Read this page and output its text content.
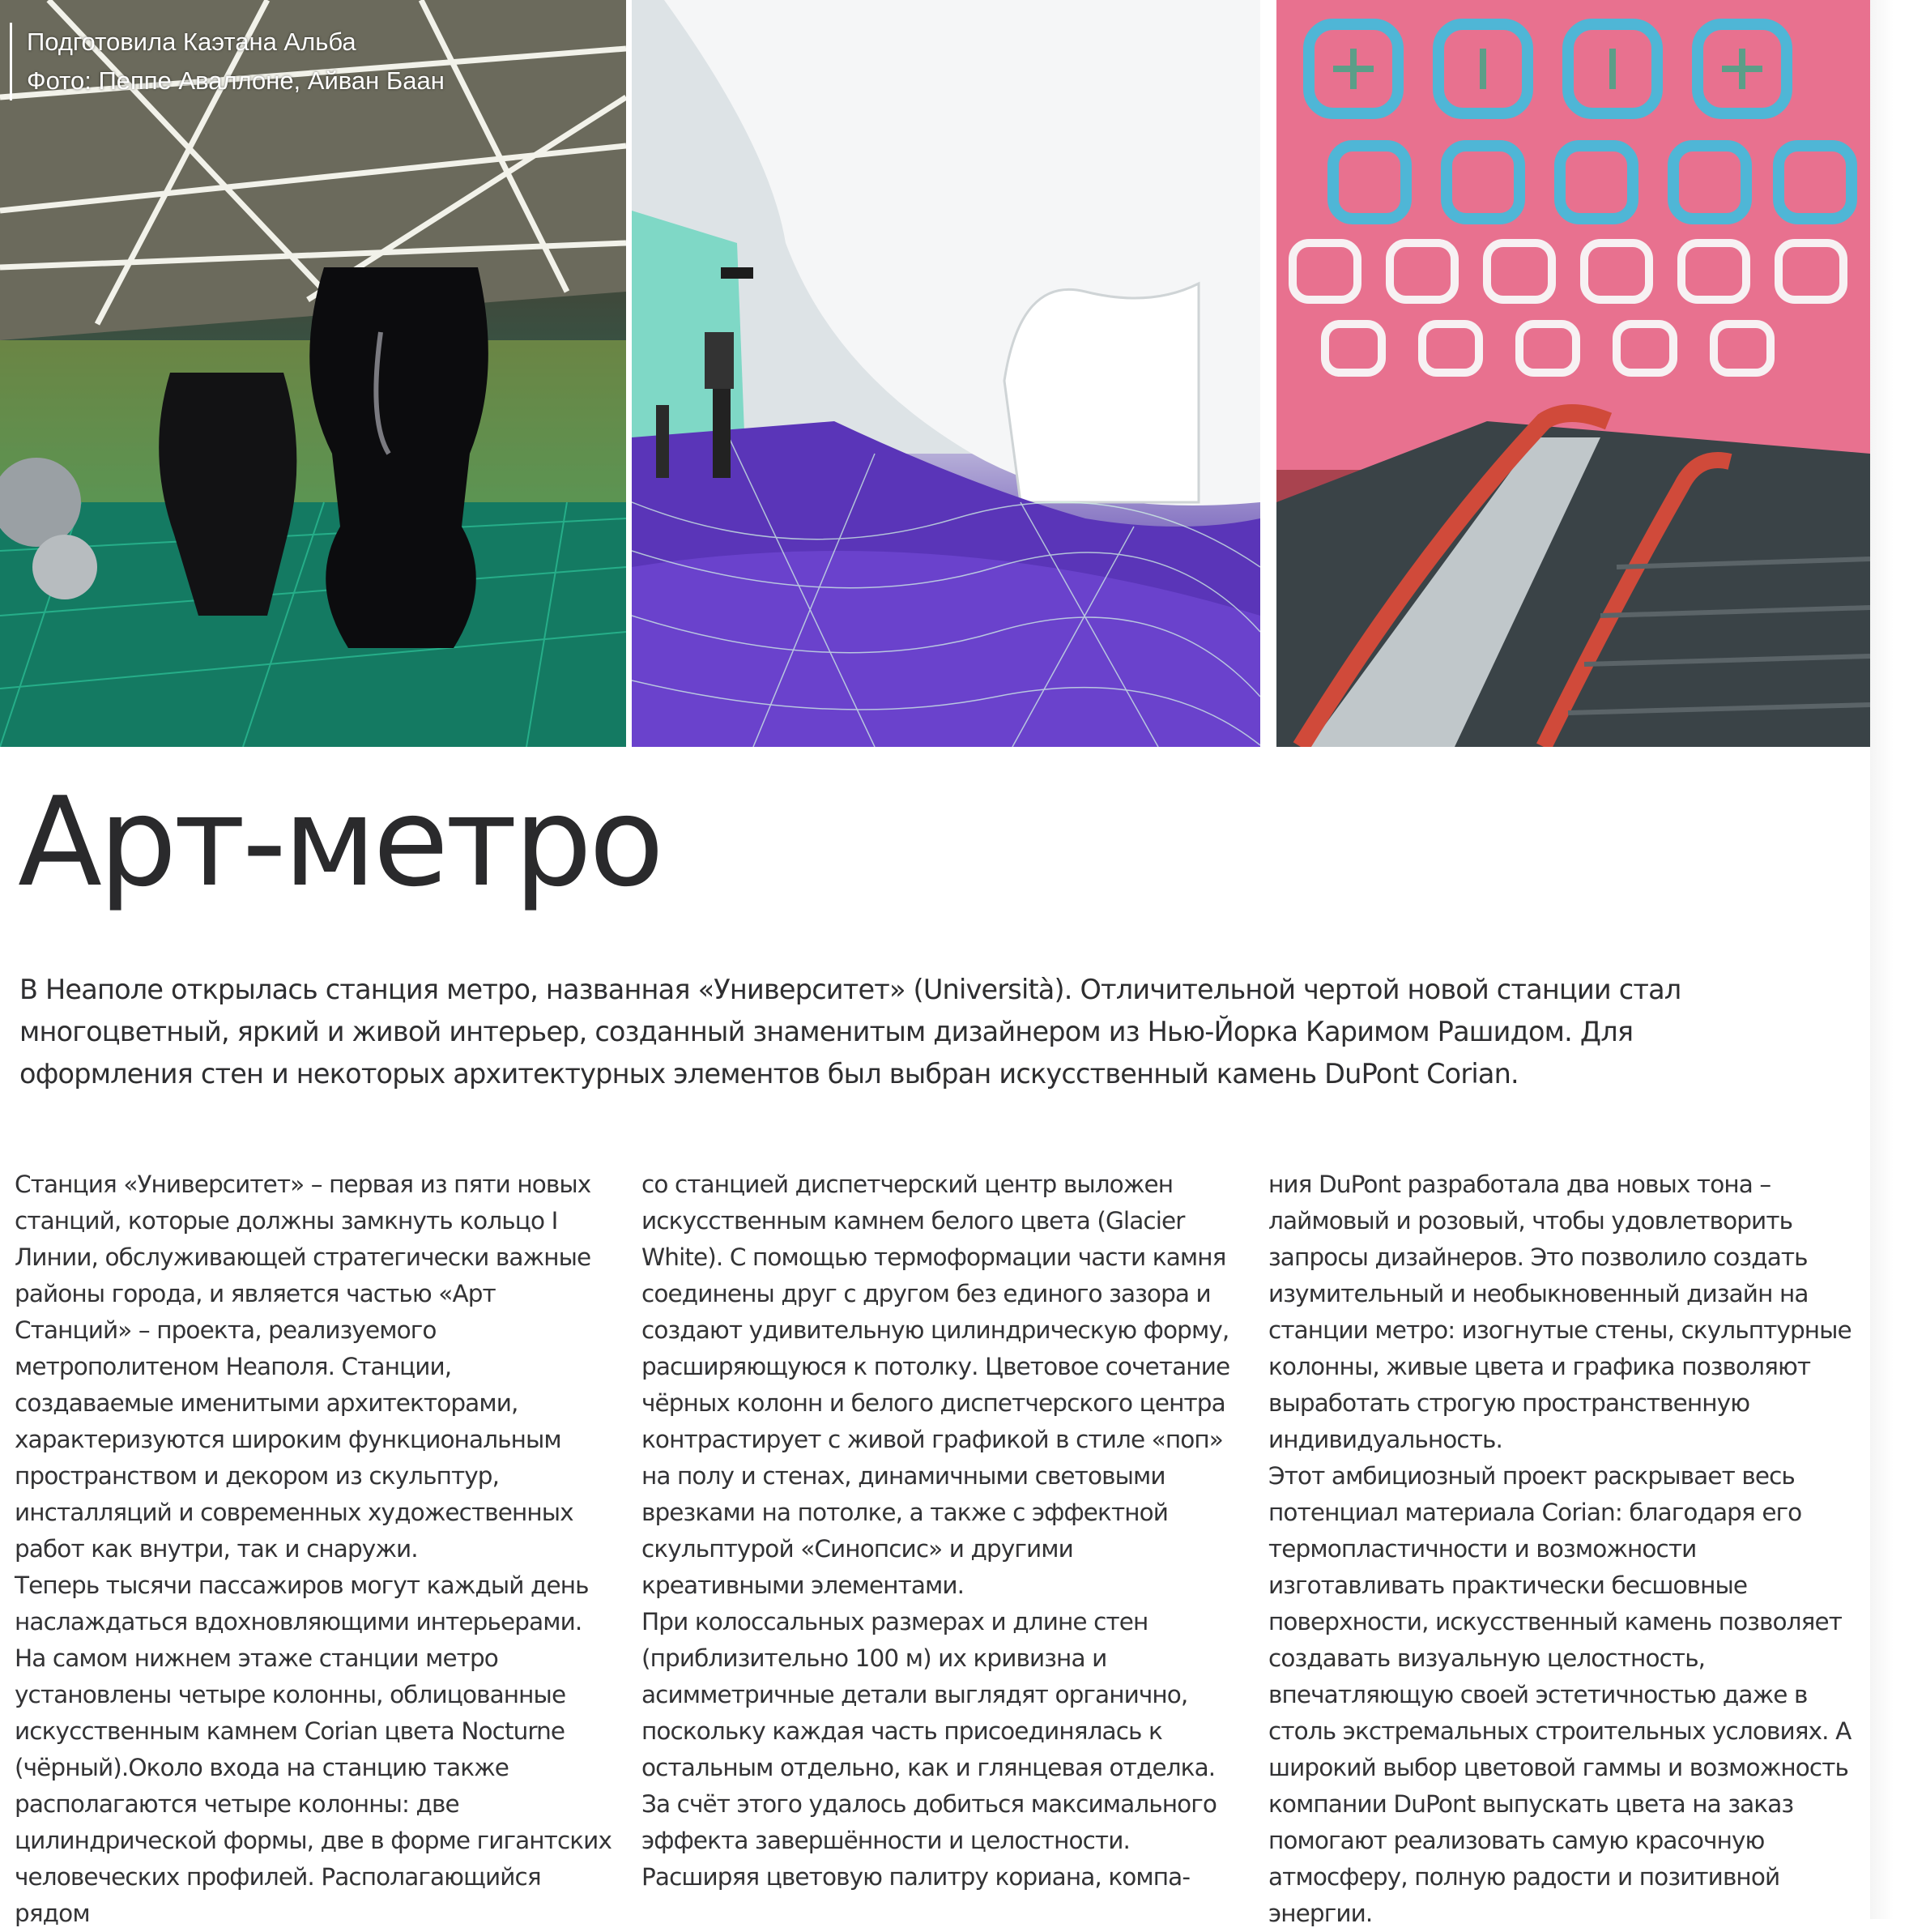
Подготовила Каэтана Альба
Фото: Пеппе Аваллоне, Айван Баан
Арт-метро
В Неаполе открылась станция метро, названная «Университет» (Università). Отличительной чертой новой станции стал многоцветный, яркий и живой интерьер, созданный знаменитым дизайнером из Нью-Йорка Каримом Рашидом. Для оформления стен и некоторых архитектурных элементов был выбран искусственный камень DuPont Corian.

Станция «Университет» – первая из пяти новых станций, которые должны замкнуть кольцо I Линии, обслуживающей стратегически важные районы города, и является частью «Арт Станций» – проекта, реализуемого метрополитеном Неаполя. Станции, создаваемые именитыми архитекторами, характеризуются широким функциональным пространством и декором из скульптур, инсталляций и современных художественных работ как внутри, так и снаружи.

Теперь тысячи пассажиров могут каждый день наслаждаться вдохновляющими интерьерами. На самом нижнем этаже станции метро установлены четыре колонны, облицованные искусственным камнем Corian цвета Nocturne (чёрный).Около входа на станцию также располагаются четыре колонны: две цилиндрической формы, две в форме гигантских человеческих профилей. Располагающийся рядом

со станцией диспетчерский центр выложен искусственным камнем белого цвета (Glacier White). С помощью термоформации части камня соединены друг с другом без единого зазора и создают удивительную цилиндрическую форму, расширяющуюся к потолку. Цветовое сочетание чёрных колонн и белого диспетчерского центра контрастирует с живой графикой в стиле «поп» на полу и стенах, динамичными световыми врезками на потолке, а также с эффектной скульптурой «Синопсис» и другими креативными элементами.

При колоссальных размерах и длине стен (приблизительно 100 м) их кривизна и асимметричные детали выглядят органично, поскольку каждая часть присоединялась к остальным отдельно, как и глянцевая отделка. За счёт этого удалось добиться максимального эффекта завершённости и целостности. Расширяя цветовую палитру кориана, компа-

ния DuPont разработала два новых тона – лаймовый и розовый, чтобы удовлетворить запросы дизайнеров. Это позволило создать изумительный и необыкновенный дизайн на станции метро: изогнутые стены, скульптурные колонны, живые цвета и графика позволяют выработать строгую пространственную индивидуальность.

Этот амбициозный проект раскрывает весь потенциал материала Corian: благодаря его термопластичности и возможности изготавливать практически бесшовные поверхности, искусственный камень позволяет создавать визуальную целостность, впечатляющую своей эстетичностью даже в столь экстремальных строительных условиях. А широкий выбор цветовой гаммы и возможность компании DuPont выпускать цвета на заказ помогают реализовать самую красочную атмосферу, полную радости и позитивной энергии.
